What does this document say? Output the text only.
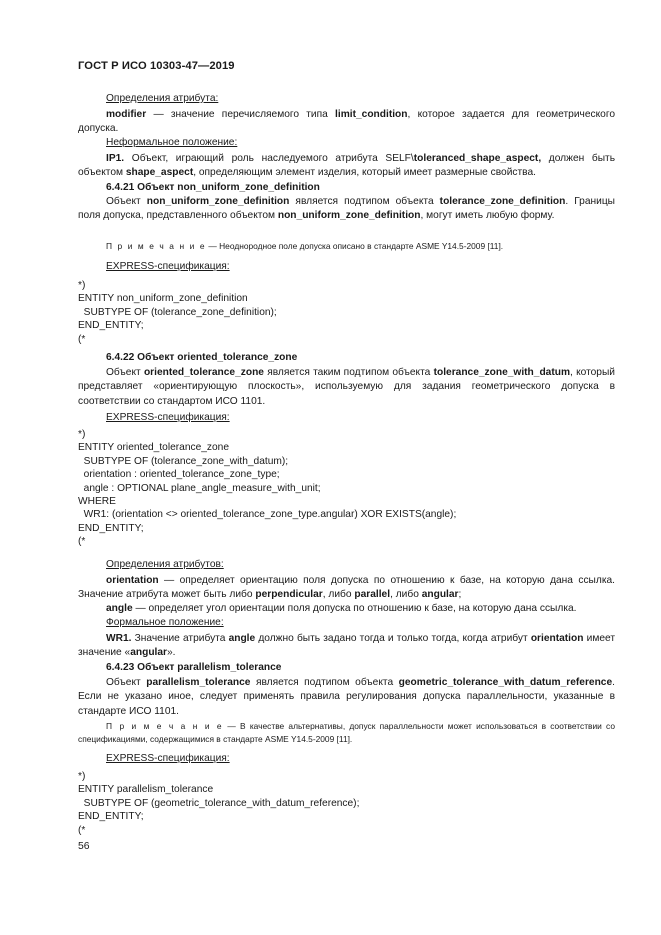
ГОСТ Р ИСО 10303-47—2019
Определения атрибута:
modifier — значение перечисляемого типа limit_condition, которое задается для геометрического допуска.
Неформальное положение:
IP1. Объект, играющий роль наследуемого атрибута SELF\toleranced_shape_aspect, должен быть объектом shape_aspect, определяющим элемент изделия, который имеет размерные свойства.
6.4.21 Объект non_uniform_zone_definition
Объект non_uniform_zone_definition является подтипом объекта tolerance_zone_definition. Границы поля допуска, представленного объектом non_uniform_zone_definition, могут иметь любую форму.
П р и м е ч а н и е — Неоднородное поле допуска описано в стандарте ASME Y14.5-2009 [11].
EXPRESS-спецификация:
*)
ENTITY non_uniform_zone_definition
SUBTYPE OF (tolerance_zone_definition);
END_ENTITY;
(*
6.4.22 Объект oriented_tolerance_zone
Объект oriented_tolerance_zone является таким подтипом объекта tolerance_zone_with_datum, который представляет «ориентирующую плоскость», используемую для задания геометрического допуска в соответствии со стандартом ИСО 1101.
EXPRESS-спецификация:
*)
ENTITY oriented_tolerance_zone
SUBTYPE OF (tolerance_zone_with_datum);
orientation : oriented_tolerance_zone_type;
angle : OPTIONAL plane_angle_measure_with_unit;
WHERE
WR1: (orientation <> oriented_tolerance_zone_type.angular) XOR EXISTS(angle);
END_ENTITY;
(*
Определения атрибутов:
orientation — определяет ориентацию поля допуска по отношению к базе, на которую дана ссылка. Значение атрибута может быть либо perpendicular, либо parallel, либо angular;
angle — определяет угол ориентации поля допуска по отношению к базе, на которую дана ссылка.
Формальное положение:
WR1. Значение атрибута angle должно быть задано тогда и только тогда, когда атрибут orientation имеет значение «angular».
6.4.23 Объект parallelism_tolerance
Объект parallelism_tolerance является подтипом объекта geometric_tolerance_with_datum_reference. Если не указано иное, следует применять правила регулирования допуска параллельности, указанные в стандарте ИСО 1101.
П р и м е ч а н и е — В качестве альтернативы, допуск параллельности может использоваться в соответствии со спецификациями, содержащимися в стандарте ASME Y14.5-2009 [11].
EXPRESS-спецификация:
*)
ENTITY parallelism_tolerance
SUBTYPE OF (geometric_tolerance_with_datum_reference);
END_ENTITY;
(*
56
